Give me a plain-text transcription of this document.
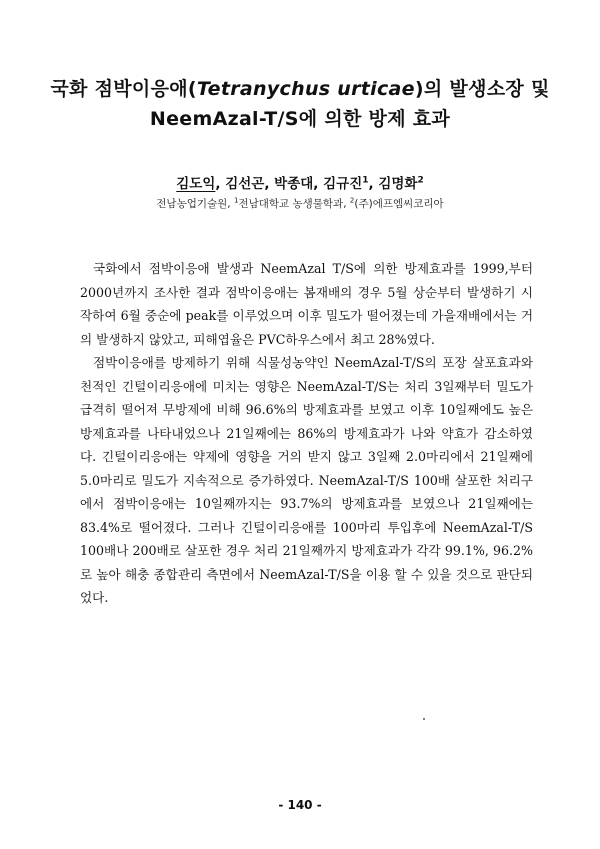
국화 점박이응애(Tetranychus urticae)의 발생소장 및
NeemAzal-T/S에 의한 방제 효과

김도익, 김선곤, 박종대, 김규진$^1$, 김명화$^2$

전남농업기술원, $^1$전남대학교 농생물학과, $^2$(주)에프엠씨코리아

국화에서 점박이응애 발생과 NeemAzal T/S에 의한 방제효과를 1999,부터 2000년까지 조사한 결과 점박이응애는 봄재배의 경우 5월 상순부터 발생하기 시작하여 6월 중순에 peak를 이루었으며 이후 밀도가 떨어졌는데 가을재배에서는 거의 발생하지 않았고, 피해엽율은 PVC하우스에서 최고 28%였다.

점박이응애를 방제하기 위해 식물성농약인 NeemAzal-T/S의 포장 살포효과와 천적인 긴털이리응애에 미치는 영향은 NeemAzal-T/S는 처리 3일째부터 밀도가 급격히 떨어져 무방제에 비해 96.6%의 방제효과를 보였고 이후 10일째에도 높은 방제효과를 나타내었으나 21일째에는 86%의 방제효과가 나와 약효가 감소하였다. 긴털이리응애는 약제에 영향을 거의 받지 않고 3일째 2.0마리에서 21일째에 5.0마리로 밀도가 지속적으로 증가하였다. NeemAzal-T/S 100배 살포한 처리구에서 점박이응애는 10일째까지는 93.7%의 방제효과를 보였으나 21일째에는 83.4%로 떨어졌다. 그러나 긴털이리응애를 100마리 투입후에 NeemAzal-T/S 100배나 200배로 살포한 경우 처리 21일째까지 방제효과가 각각 99.1%, 96.2%로 높아 해충 종합관리 측면에서 NeemAzal-T/S을 이용 할 수 있을 것으로 판단되었다.

- 140 -
